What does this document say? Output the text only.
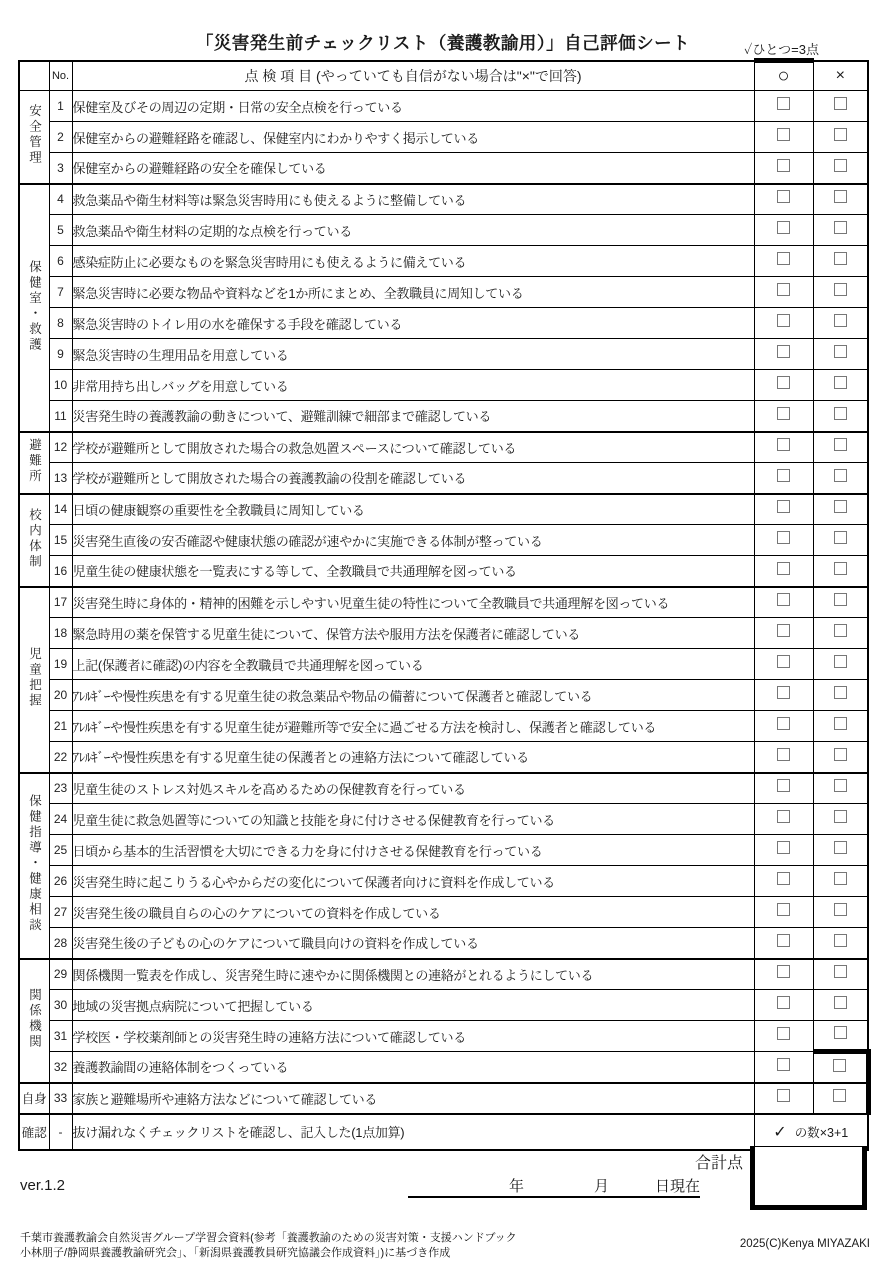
「災害発生前チェックリスト（養護教諭用）」自己評価シート	✓ひとつ=3点
	No.	点 検 項 目 (やっていても自信がない場合は"×"で回答)	○	×
安全管理	1	保健室及びその周辺の定期・日常の安全点検を行っている		
	2	保健室からの避難経路を確認し、保健室内にわかりやすく掲示している		
	3	保健室からの避難経路の安全を確保している		
保健室・救護	4	救急薬品や衛生材料等は緊急災害時用にも使えるように整備している		
	5	救急薬品や衛生材料の定期的な点検を行っている		
	6	感染症防止に必要なものを緊急災害時用にも使えるように備えている		
	7	緊急災害時に必要な物品や資料などを1か所にまとめ、全教職員に周知している		
	8	緊急災害時のトイレ用の水を確保する手段を確認している		
	9	緊急災害時の生理用品を用意している		
	10	非常用持ち出しバッグを用意している		
	11	災害発生時の養護教諭の動きについて、避難訓練で細部まで確認している		
避難所	12	学校が避難所として開放された場合の救急処置スペースについて確認している		
	13	学校が避難所として開放された場合の養護教諭の役割を確認している		
校内体制	14	日頃の健康観察の重要性を全教職員に周知している		
	15	災害発生直後の安否確認や健康状態の確認が速やかに実施できる体制が整っている		
	16	児童生徒の健康状態を一覧表にする等して、全教職員で共通理解を図っている		
児童把握	17	災害発生時に身体的・精神的困難を示しやすい児童生徒の特性について全教職員で共通理解を図っている		
	18	緊急時用の薬を保管する児童生徒について、保管方法や服用方法を保護者に確認している		
	19	上記(保護者に確認)の内容を全教職員で共通理解を図っている		
	20	ｱﾚﾙｷﾞｰや慢性疾患を有する児童生徒の救急薬品や物品の備蓄について保護者と確認している		
	21	ｱﾚﾙｷﾞｰや慢性疾患を有する児童生徒が避難所等で安全に過ごせる方法を検討し、保護者と確認している		
	22	ｱﾚﾙｷﾞｰや慢性疾患を有する児童生徒の保護者との連絡方法について確認している		
保健指導・健康相談	23	児童生徒のストレス対処スキルを高めるための保健教育を行っている		
	24	児童生徒に救急処置等についての知識と技能を身に付けさせる保健教育を行っている		
	25	日頃から基本的生活習慣を大切にできる力を身に付けさせる保健教育を行っている		
	26	災害発生時に起こりうる心やからだの変化について保護者向けに資料を作成している		
	27	災害発生後の職員自らの心のケアについての資料を作成している		
	28	災害発生後の子どもの心のケアについて職員向けの資料を作成している		
関係機関	29	関係機関一覧表を作成し、災害発生時に速やかに関係機関との連絡がとれるようにしている		
	30	地域の災害拠点病院について把握している		
	31	学校医・学校薬剤師との災害発生時の連絡方法について確認している		
	32	養護教諭間の連絡体制をつくっている		
自身	33	家族と避難場所や連絡方法などについて確認している		
確認	-	抜け漏れなくチェックリストを確認し、記入した(1点加算)	✓ の数×3+1	
合計点
ver.1.2	年	月	日現在
千葉市養護教諭会自然災害グループ学習会資料(参考「養護教諭のための災害対策・支援ハンドブック
小林朋子/静岡県養護教諭研究会」、「新潟県養護教員研究協議会作成資料」)に基づき作成
2025(C)Kenya MIYAZAKI
